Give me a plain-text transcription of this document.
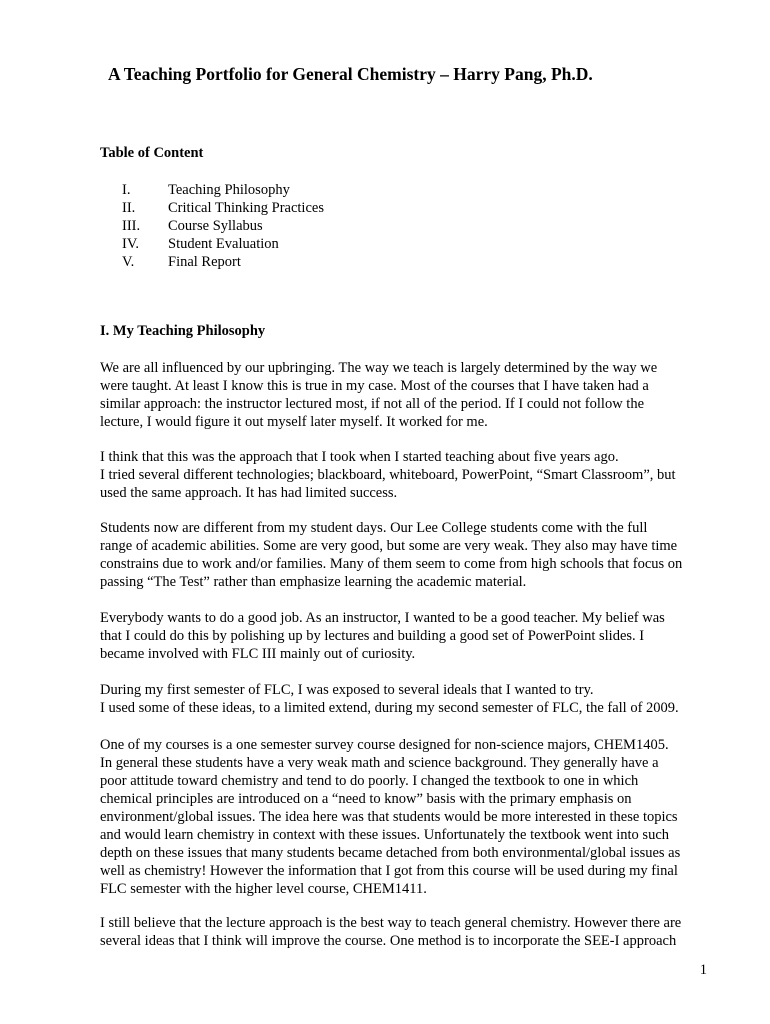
A Teaching Portfolio for General Chemistry – Harry Pang, Ph.D.
Table of Content
I.	Teaching Philosophy
II.	Critical Thinking Practices
III.	Course Syllabus
IV.	Student Evaluation
V.	Final Report
I. My Teaching Philosophy

We are all influenced by our upbringing. The way we teach is largely determined by the way we
were taught. At least I know this is true in my case. Most of the courses that I have taken had a
similar approach: the instructor lectured most, if not all of the period. If I could not follow the
lecture, I would figure it out myself later myself. It worked for me.

I think that this was the approach that I took when I started teaching about five years ago.
I tried several different technologies; blackboard, whiteboard, PowerPoint, “Smart Classroom”, but
used the same approach. It has had limited success.

Students now are different from my student days. Our Lee College students come with the full
range of academic abilities. Some are very good, but some are very weak. They also may have time
constrains due to work and/or families. Many of them seem to come from high schools that focus on
passing “The Test” rather than emphasize learning the academic material.

Everybody wants to do a good job. As an instructor, I wanted to be a good teacher. My belief was
that I could do this by polishing up by lectures and building a good set of PowerPoint slides. I
became involved with FLC III mainly out of curiosity.

During my first semester of FLC, I was exposed to several ideals that I wanted to try.
I used some of these ideas, to a limited extend, during my second semester of FLC, the fall of 2009.

One of my courses is a one semester survey course designed for non-science majors, CHEM1405.
In general these students have a very weak math and science background. They generally have a
poor attitude toward chemistry and tend to do poorly. I changed the textbook to one in which
chemical principles are introduced on a “need to know” basis with the primary emphasis on
environment/global issues. The idea here was that students would be more interested in these topics
and would learn chemistry in context with these issues. Unfortunately the textbook went into such
depth on these issues that many students became detached from both environmental/global issues as
well as chemistry! However the information that I got from this course will be used during my final
FLC semester with the higher level course, CHEM1411.

I still believe that the lecture approach is the best way to teach general chemistry. However there are
several ideas that I think will improve the course. One method is to incorporate the SEE-I approach

1
